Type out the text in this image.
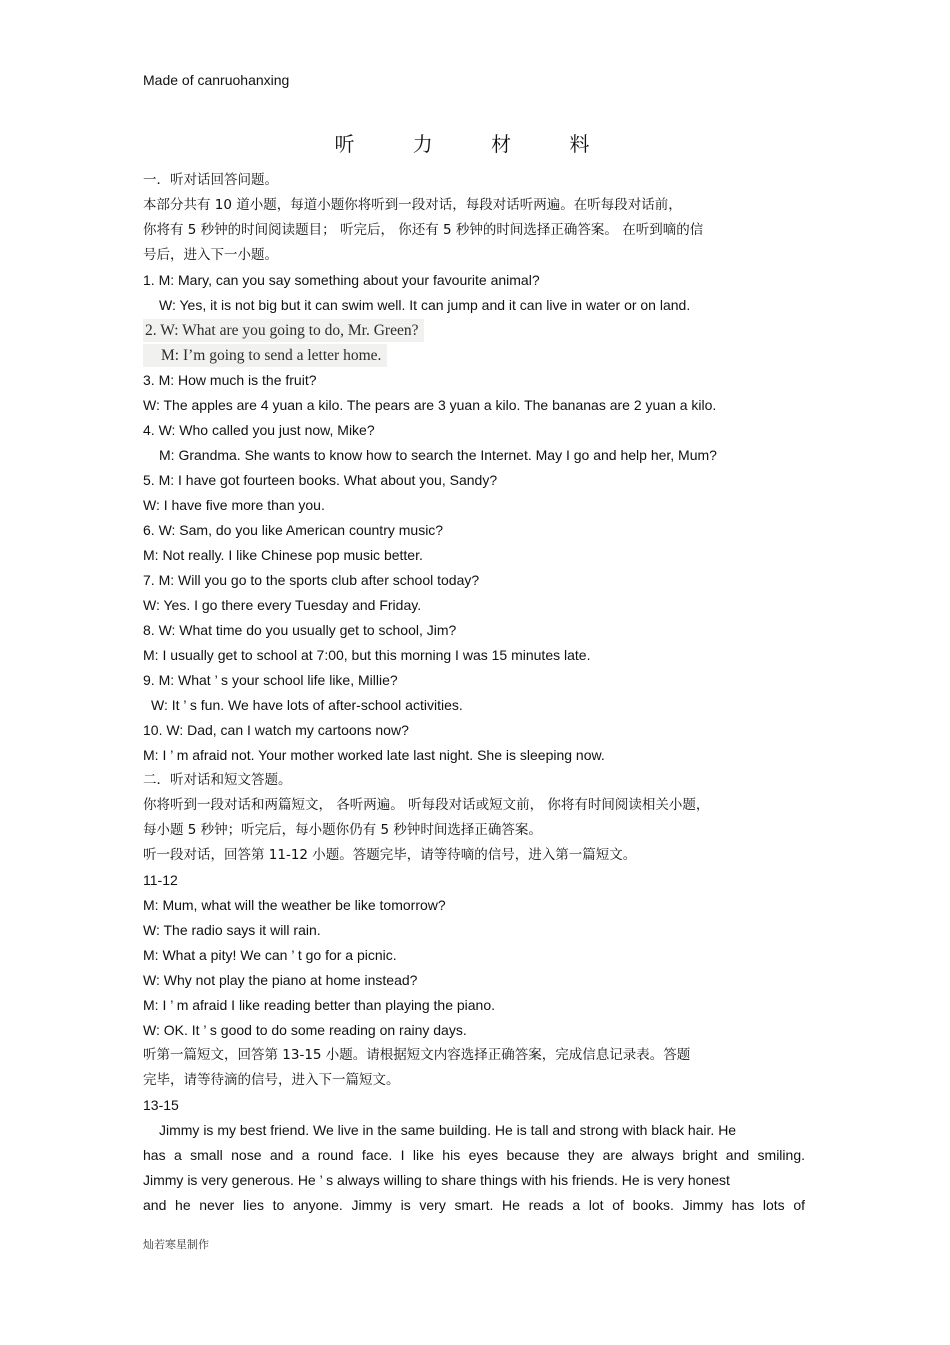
Made of canruohanxing
听 力 材 料
一．听对话回答问题。
本部分共有 10 道小题，每道小题你将听到一段对话，每段对话听两遍。在听每段对话前，
你将有 5 秒钟的时间阅读题目； 听完后， 你还有 5 秒钟的时间选择正确答案。 在听到嘀的信
号后，进入下一小题。
1. M: Mary, can you say something about your favourite animal?
W: Yes, it is not big but it can swim well. It can jump and it can live in water or on land.
2. W: What are you going to do, Mr. Green?
M: I’m going to send a letter home.
3. M: How much is the fruit?
W: The apples are 4 yuan a kilo. The pears are 3 yuan a kilo. The bananas are 2 yuan a kilo.
4. W: Who called you just now, Mike?
M: Grandma. She wants to know how to search the Internet. May I go and help her, Mum?
5. M: I have got fourteen books. What about you, Sandy?
W: I have five more than you.
6. W: Sam, do you like American country music?
M: Not really. I like Chinese pop music better.
7. M: Will you go to the sports club after school today?
W: Yes. I go there every Tuesday and Friday.
8. W: What time do you usually get to school, Jim?
M: I usually get to school at 7:00, but this morning I was 15 minutes late.
9. M: What ’ s your school life like, Millie?
W: It ’ s fun. We have lots of after-school activities.
10. W: Dad, can I watch my cartoons now?
M: I ’ m afraid not. Your mother worked late last night. She is sleeping now.
二．听对话和短文答题。
你将听到一段对话和两篇短文， 各听两遍。 听每段对话或短文前， 你将有时间阅读相关小题，
每小题 5 秒钟；听完后，每小题你仍有 5 秒钟时间选择正确答案。
听一段对话，回答第 11-12 小题。答题完毕，请等待嘀的信号，进入第一篇短文。
11-12
M: Mum, what will the weather be like tomorrow?
W: The radio says it will rain.
M: What a pity! We can ’ t go for a picnic.
W: Why not play the piano at home instead?
M: I ’ m afraid I like reading better than playing the piano.
W: OK. It ’ s good to do some reading on rainy days.
听第一篇短文，回答第 13-15 小题。请根据短文内容选择正确答案，完成信息记录表。答题
完毕，请等待滴的信号，进入下一篇短文。
13-15
Jimmy is my best friend. We live in the same building. He is tall and strong with black hair. He
has a small nose and a round face. I like his eyes because they are always bright and smiling.
Jimmy is very generous. He ’ s always willing to share things with his friends. He is very honest
and he never lies to anyone. Jimmy is very smart. He reads a lot of books. Jimmy has lots of
灿若寒星制作
